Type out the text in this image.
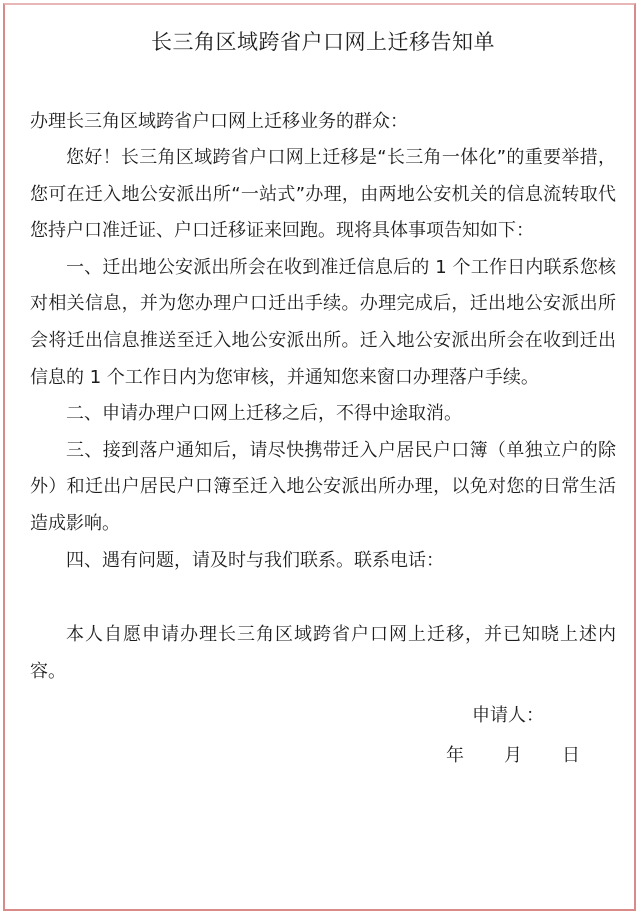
长三角区域跨省户口网上迁移告知单

办理长三角区域跨省户口网上迁移业务的群众：

您好！长三角区域跨省户口网上迁移是“长三角一体化”的重要举措，您可在迁入地公安派出所“一站式”办理，由两地公安机关的信息流转取代您持户口准迁证、户口迁移证来回跑。现将具体事项告知如下：

一、迁出地公安派出所会在收到准迁信息后的 1 个工作日内联系您核对相关信息，并为您办理户口迁出手续。办理完成后，迁出地公安派出所会将迁出信息推送至迁入地公安派出所。迁入地公安派出所会在收到迁出信息的 1 个工作日内为您审核，并通知您来窗口办理落户手续。

二、申请办理户口网上迁移之后，不得中途取消。

三、接到落户通知后，请尽快携带迁入户居民户口簿（单独立户的除外）和迁出户居民户口簿至迁入地公安派出所办理，以免对您的日常生活造成影响。

四、遇有问题，请及时与我们联系。联系电话：

本人自愿申请办理长三角区域跨省户口网上迁移，并已知晓上述内容。

申请人：

年 月 日
